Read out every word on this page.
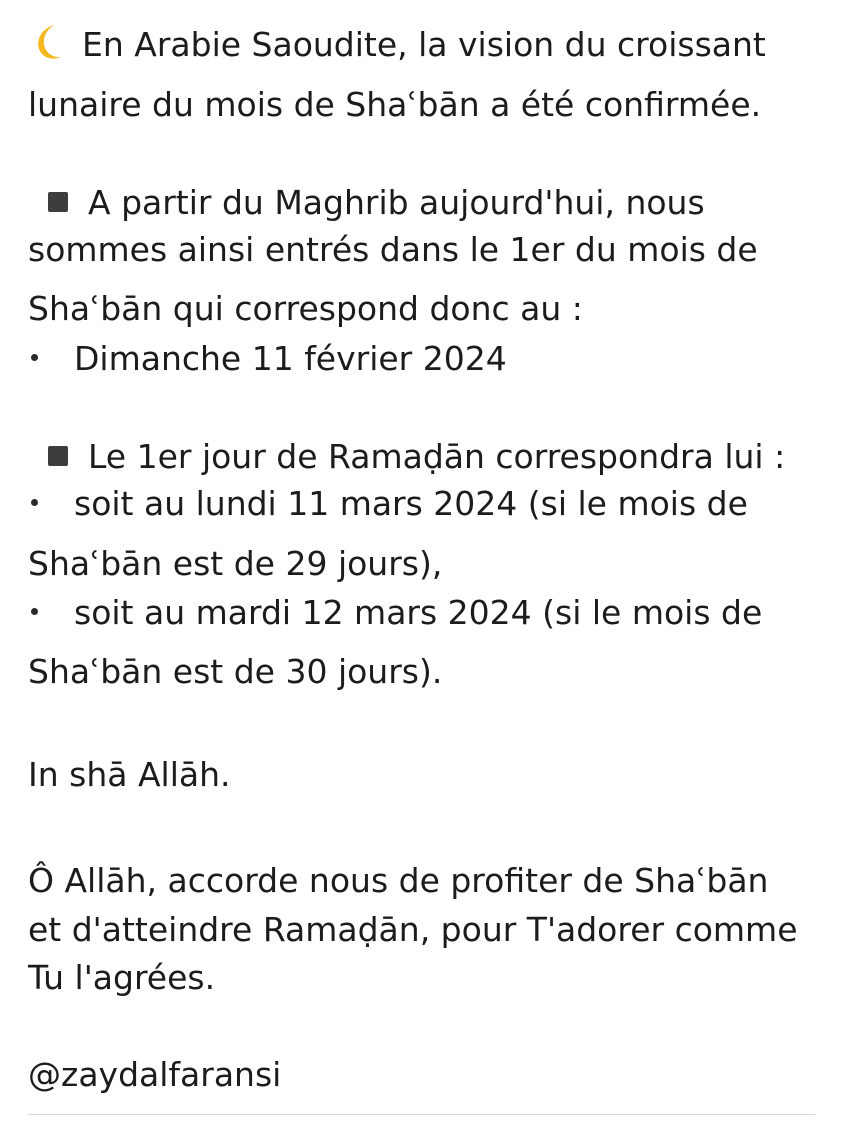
En Arabie Saoudite, la vision du croissant
lunaire du mois de Shaʿbān a été confirmée.
A partir du Maghrib aujourd'hui, nous
sommes ainsi entrés dans le 1er du mois de
Shaʿbān qui correspond donc au :
Dimanche 11 février 2024
Le 1er jour de Ramaḍān correspondra lui :
soit au lundi 11 mars 2024 (si le mois de
Shaʿbān est de 29 jours),
soit au mardi 12 mars 2024 (si le mois de
Shaʿbān est de 30 jours).
In shā Allāh.
Ô Allāh, accorde nous de profiter de Shaʿbān
et d'atteindre Ramaḍān, pour T'adorer comme
Tu l'agrées.
@zaydalfaransi
